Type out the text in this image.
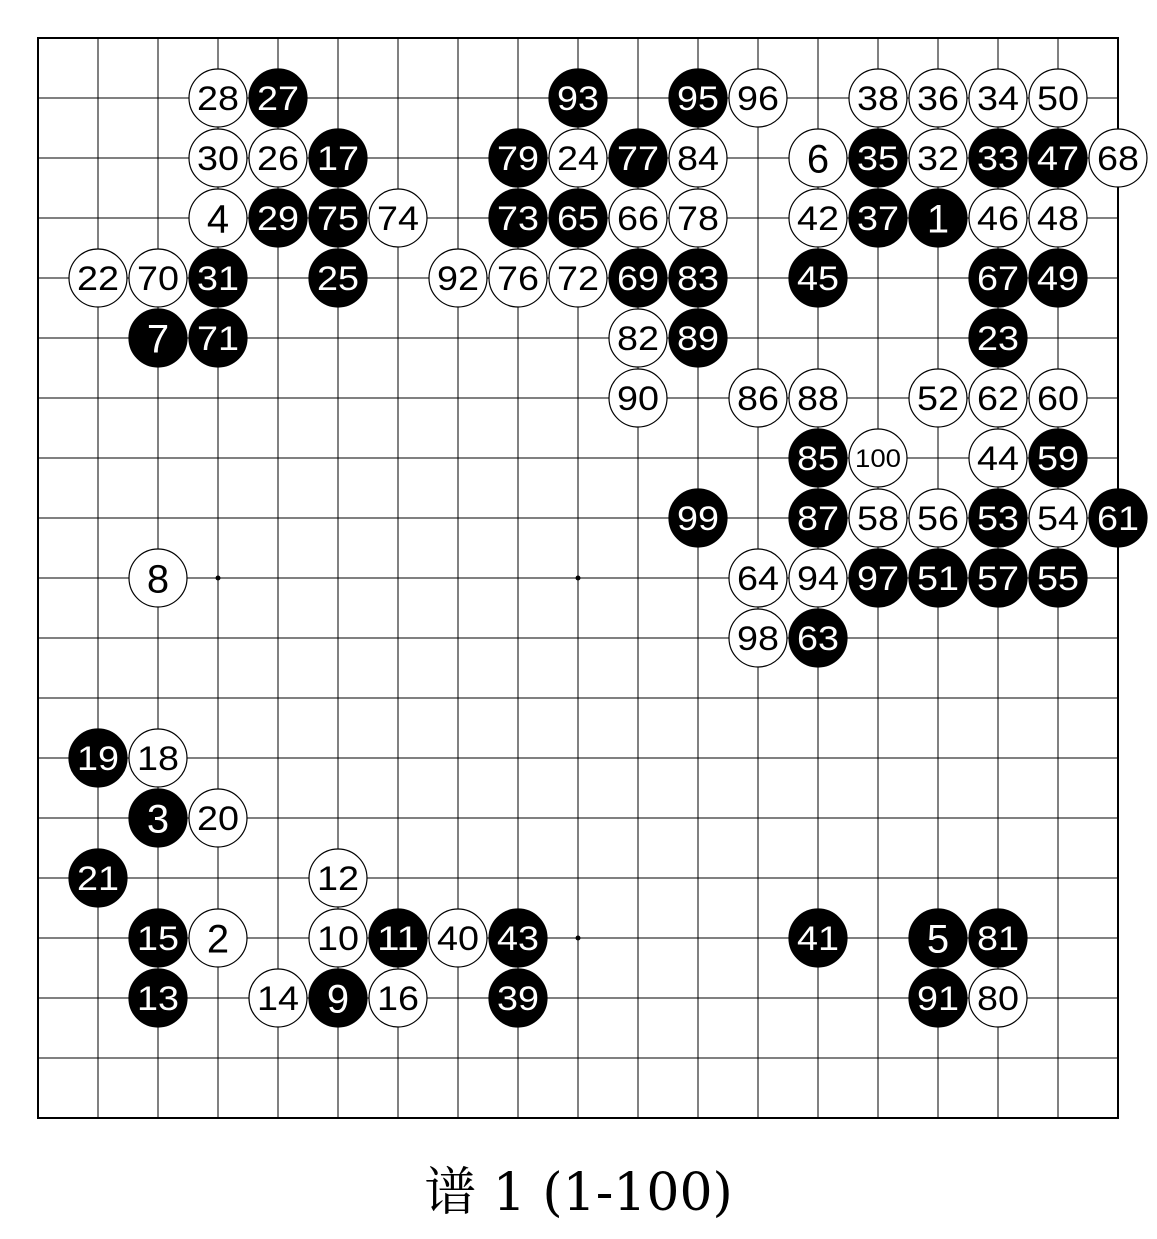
28 27	93 95 96 38 36 34 50
30 26 17	79 24 77 84 6 35 32 33 47 68
4 29 75 74 73 65 66 78 42 37 1 46 48
22 70 31 25 92 76 72 69 83 45	67 49
7 71	82 89	23
90 86 88 52 62 60
85 100 44 59
99 87 58 56 53 54 61
8	64 94 97 51 57 55
98 63
19 18
3 20
21	12
15 2	10 11 40 43	41 5 81
13 14 9 16 39	91 80
谱 1 (1-100)
